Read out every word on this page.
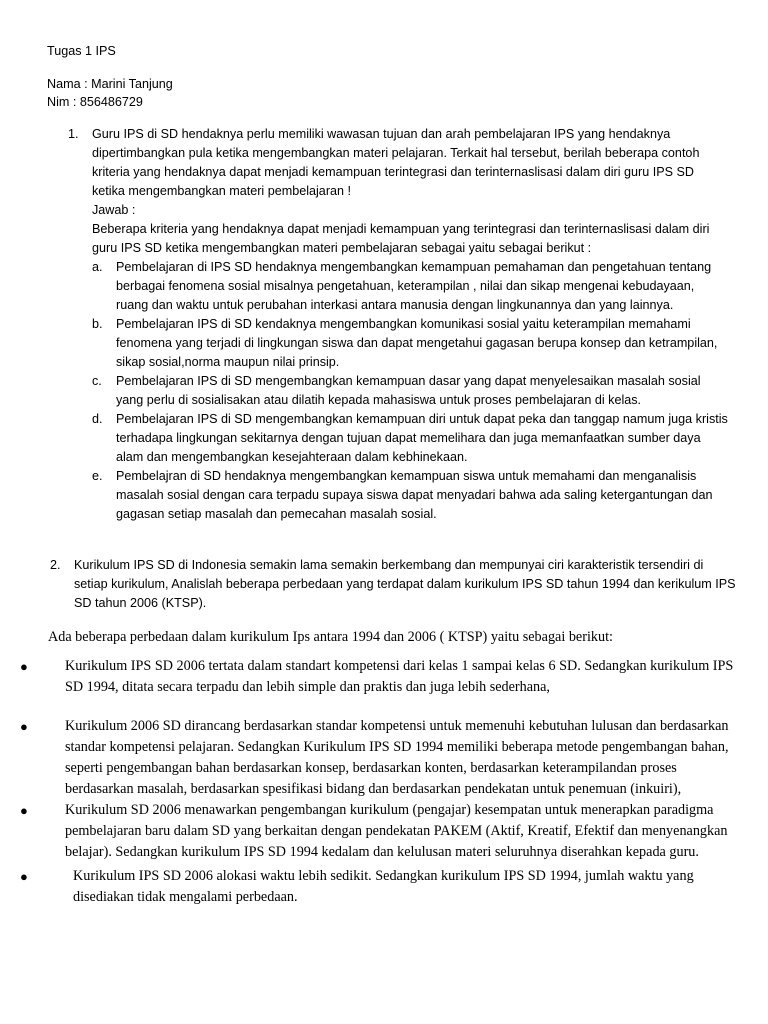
Tugas 1 IPS

Nama : Marini Tanjung

Nim : 856486729

1. Guru IPS di SD hendaknya perlu memiliki wawasan tujuan dan arah pembelajaran IPS yang hendaknya dipertimbangkan pula ketika mengembangkan materi pelajaran. Terkait hal tersebut, berilah beberapa contoh kriteria yang hendaknya dapat menjadi kemampuan terintegrasi dan terinternaslisasi dalam diri guru IPS SD ketika mengembangkan materi pembelajaran !

Jawab :

Beberapa kriteria yang hendaknya dapat menjadi kemampuan yang terintegrasi dan terinternaslisasi dalam diri guru IPS SD ketika mengembangkan materi pembelajaran sebagai yaitu sebagai berikut :

a. Pembelajaran di IPS SD hendaknya mengembangkan kemampuan pemahaman dan pengetahuan tentang berbagai fenomena sosial misalnya pengetahuan, keterampilan , nilai dan sikap mengenai kebudayaan, ruang dan waktu untuk perubahan interkasi antara manusia dengan lingkunannya dan yang lainnya.
b. Pembelajaran IPS di SD kendaknya mengembangkan komunikasi sosial yaitu keterampilan memahami fenomena yang terjadi di lingkungan siswa dan dapat mengetahui gagasan berupa konsep dan ketrampilan, sikap sosial,norma maupun nilai prinsip.
c. Pembelajaran IPS di SD mengembangkan kemampuan dasar yang dapat menyelesaikan masalah sosial yang perlu di sosialisakan atau dilatih kepada mahasiswa untuk proses pembelajaran di kelas.
d. Pembelajaran IPS di SD mengembangkan kemampuan diri untuk dapat peka dan tanggap namum juga kristis terhadapa lingkungan sekitarnya dengan tujuan dapat memelihara dan juga memanfaatkan sumber daya alam dan mengembangkan kesejahteraan dalam kebhinekaan.
e. Pembelajran di SD hendaknya mengembangkan kemampuan siswa untuk memahami dan menganalisis masalah sosial dengan cara terpadu supaya siswa dapat menyadari bahwa ada saling ketergantungan dan gagasan setiap masalah dan pemecahan masalah sosial.
2. Kurikulum IPS SD di Indonesia semakin lama semakin berkembang dan mempunyai ciri karakteristik tersendiri di setiap kurikulum, Analislah beberapa perbedaan yang terdapat dalam kurikulum IPS SD tahun 1994 dan kerikulum IPS SD tahun 2006 (KTSP).

Ada beberapa perbedaan dalam kurikulum Ips antara 1994 dan 2006 ( KTSP) yaitu sebagai berikut:

●	Kurikulum IPS SD 2006 tertata dalam standart kompetensi dari kelas 1 sampai kelas 6 SD. Sedangkan kurikulum IPS SD 1994, ditata secara terpadu dan lebih simple dan praktis dan juga lebih sederhana,
●	Kurikulum 2006 SD dirancang berdasarkan standar kompetensi untuk memenuhi kebutuhan lulusan dan berdasarkan standar kompetensi pelajaran. Sedangkan Kurikulum IPS SD 1994 memiliki beberapa metode pengembangan bahan, seperti pengembangan bahan berdasarkan konsep, berdasarkan konten, berdasarkan keterampilandan proses berdasarkan masalah, berdasarkan spesifikasi bidang dan berdasarkan pendekatan untuk penemuan (inkuiri),
●	Kurikulum SD 2006 menawarkan pengembangan kurikulum (pengajar) kesempatan untuk menerapkan paradigma pembelajaran baru dalam SD yang berkaitan dengan pendekatan PAKEM (Aktif, Kreatif, Efektif dan menyenangkan belajar). Sedangkan kurikulum IPS SD 1994 kedalam dan kelulusan materi seluruhnya diserahkan kepada guru.
●	Kurikulum IPS SD 2006 alokasi waktu lebih sedikit. Sedangkan kurikulum IPS SD 1994, jumlah waktu yang disediakan tidak mengalami perbedaan.
